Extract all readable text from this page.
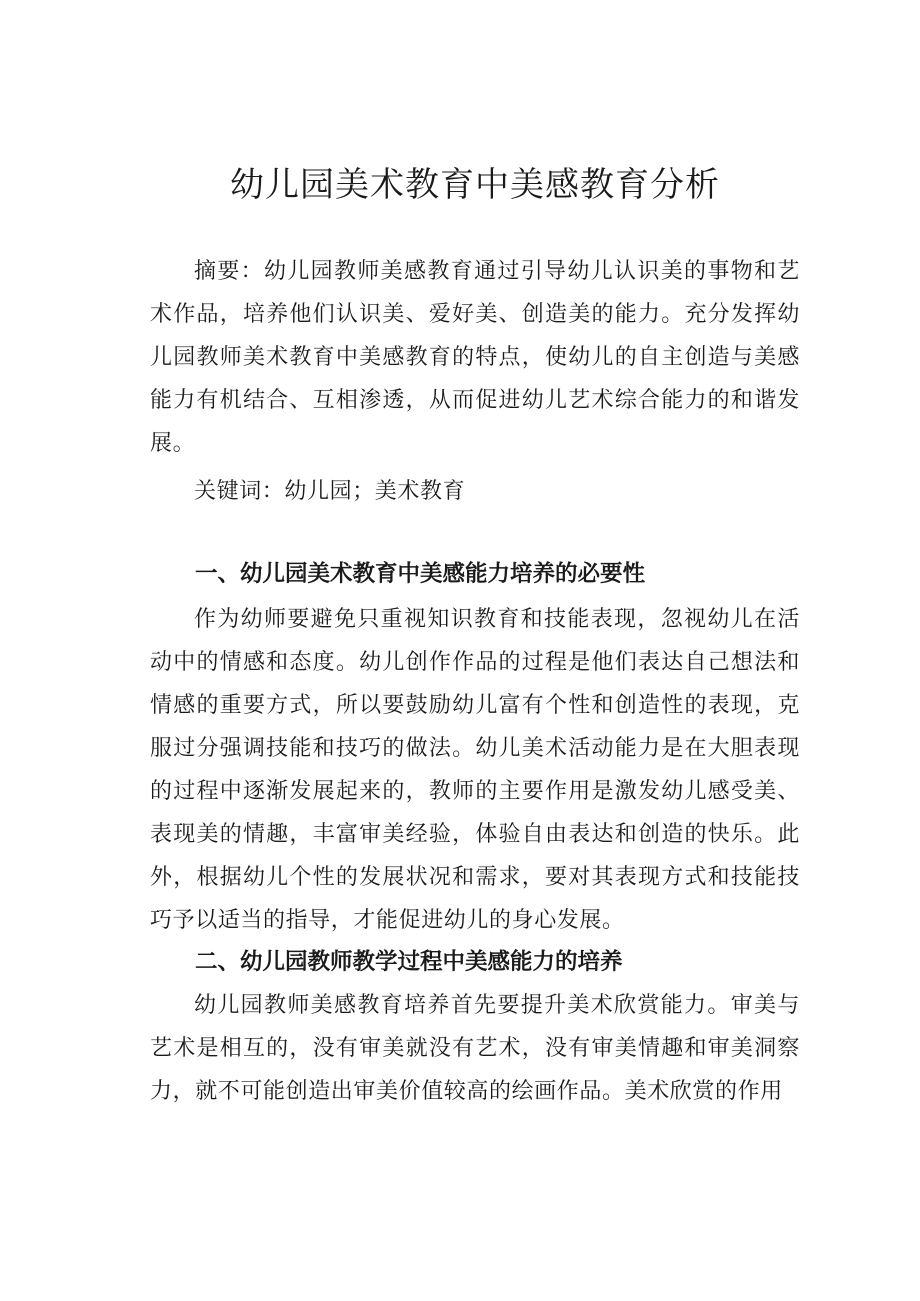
幼儿园美术教育中美感教育分析

摘要：幼儿园教师美感教育通过引导幼儿认识美的事物和艺术作品，培养他们认识美、爱好美、创造美的能力。充分发挥幼儿园教师美术教育中美感教育的特点，使幼儿的自主创造与美感能力有机结合、互相渗透，从而促进幼儿艺术综合能力的和谐发展。

关键词：幼儿园；美术教育

一、幼儿园美术教育中美感能力培养的必要性

作为幼师要避免只重视知识教育和技能表现，忽视幼儿在活动中的情感和态度。幼儿创作作品的过程是他们表达自己想法和情感的重要方式，所以要鼓励幼儿富有个性和创造性的表现，克服过分强调技能和技巧的做法。幼儿美术活动能力是在大胆表现的过程中逐渐发展起来的，教师的主要作用是激发幼儿感受美、表现美的情趣，丰富审美经验，体验自由表达和创造的快乐。此外，根据幼儿个性的发展状况和需求，要对其表现方式和技能技巧予以适当的指导，才能促进幼儿的身心发展。

二、幼儿园教师教学过程中美感能力的培养

幼儿园教师美感教育培养首先要提升美术欣赏能力。审美与艺术是相互的，没有审美就没有艺术，没有审美情趣和审美洞察力，就不可能创造出审美价值较高的绘画作品。美术欣赏的作用
